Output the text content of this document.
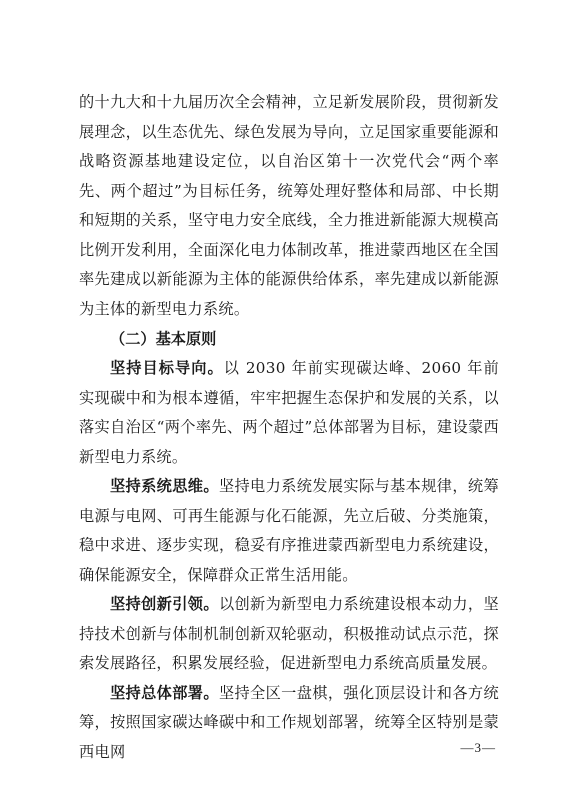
的十九大和十九届历次全会精神，立足新发展阶段，贯彻新发展理念，以生态优先、绿色发展为导向，立足国家重要能源和战略资源基地建设定位，以自治区第十一次党代会“两个率先、两个超过”为目标任务，统筹处理好整体和局部、中长期和短期的关系，坚守电力安全底线，全力推进新能源大规模高比例开发利用，全面深化电力体制改革，推进蒙西地区在全国率先建成以新能源为主体的能源供给体系，率先建成以新能源为主体的新型电力系统。

（二）基本原则

坚持目标导向。以 2030 年前实现碳达峰、2060 年前实现碳中和为根本遵循，牢牢把握生态保护和发展的关系，以落实自治区“两个率先、两个超过”总体部署为目标，建设蒙西新型电力系统。

坚持系统思维。坚持电力系统发展实际与基本规律，统筹电源与电网、可再生能源与化石能源，先立后破、分类施策，稳中求进、逐步实现，稳妥有序推进蒙西新型电力系统建设，确保能源安全，保障群众正常生活用能。

坚持创新引领。以创新为新型电力系统建设根本动力，坚持技术创新与体制机制创新双轮驱动，积极推动试点示范，探索发展路径，积累发展经验，促进新型电力系统高质量发展。

坚持总体部署。坚持全区一盘棋，强化顶层设计和各方统筹，按照国家碳达峰碳中和工作规划部署，统筹全区特别是蒙西电网	—3—
